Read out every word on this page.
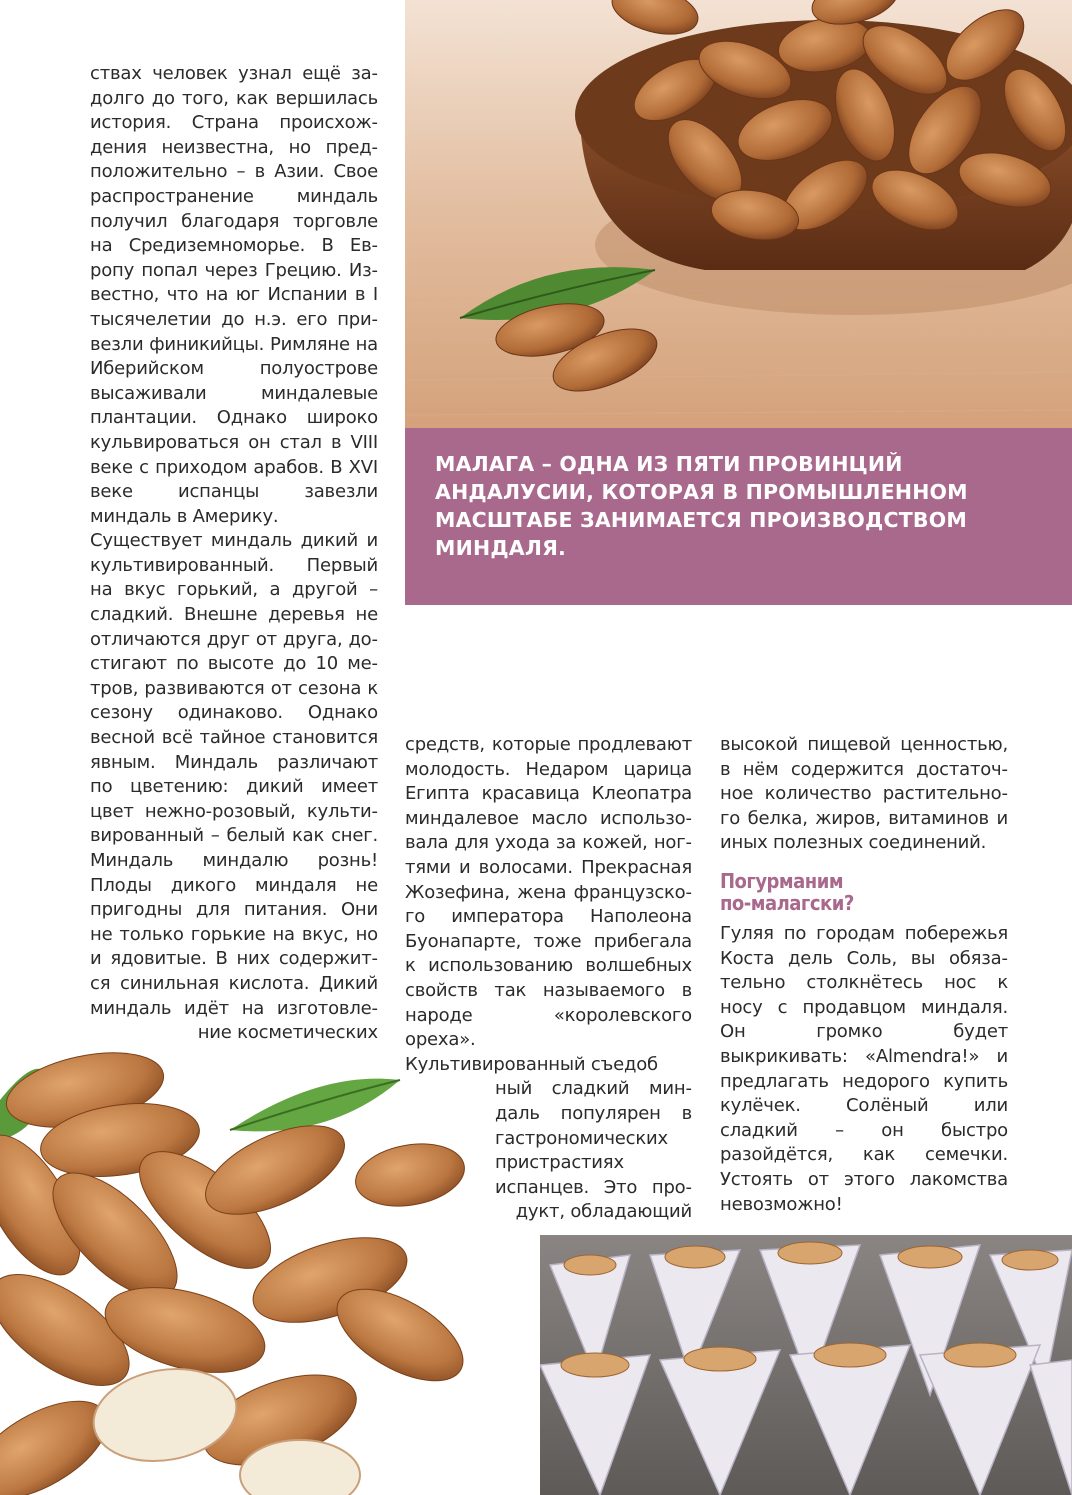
МАЛАГА – ОДНА ИЗ ПЯТИ ПРОВИНЦИЙ АНДАЛУСИИ, КОТОРАЯ В ПРОМЫШЛЕННОМ МАСШТАБЕ ЗАНИМАЕТСЯ ПРОИЗВОДСТВОМ МИНДАЛЯ.

ствах человек узнал ещё задолго до того, как вершилась история. Страна происхождения неизвестна, но предположительно – в Азии. Свое распространение миндаль получил благодаря торговле на Средиземноморье. В Европу попал через Грецию. Известно, что на юг Испании в I тысячелетии до н.э. его привезли финикийцы. Римляне на Иберийском полуострове высаживали миндалевые плантации. Однако широко кульвироваться он стал в VIII веке с приходом арабов. В XVI веке испанцы завезли миндаль в Америку.

Существует миндаль дикий и культивированный. Первый на вкус горький, а другой – сладкий. Внешне деревья не отличаются друг от друга, достигают по высоте до 10 метров, развиваются от сезона к сезону одинаково. Однако весной всё тайное становится явным. Миндаль различают по цветению: дикий имеет цвет нежно-розовый, культивированный – белый как снег. Миндаль миндалю рознь! Плоды дикого миндаля не пригодны для питания. Они не только горькие на вкус, но и ядовитые. В них содержится синильная кислота. Дикий миндаль идёт на изготовление косметических

средств, которые продлевают молодость. Недаром царица Египта красавица Клеопатра миндалевое масло использовала для ухода за кожей, ногтями и волосами. Прекрасная Жозефина, жена французского императора Наполеона Буонапарте, тоже прибегала к использованию волшебных свойств так называемого в народе «королевского ореха».

Культивированный съедоб

ный сладкий миндаль популярен в гастрономических пристрастиях испанцев. Это продукт, обладающий

высокой пищевой ценностью, в нём содержится достаточное количество растительного белка, жиров, витаминов и иных полезных соединений.

Погурманим
по-малагски?

Гуляя по городам побережья Коста дель Соль, вы обязательно столкнётесь нос к носу с продавцом миндаля. Он громко будет выкрикивать: «Almendra!» и предлагать недорого купить кулёчек. Солёный или сладкий – он быстро разойдётся, как семечки. Устоять от этого лакомства невозможно!
